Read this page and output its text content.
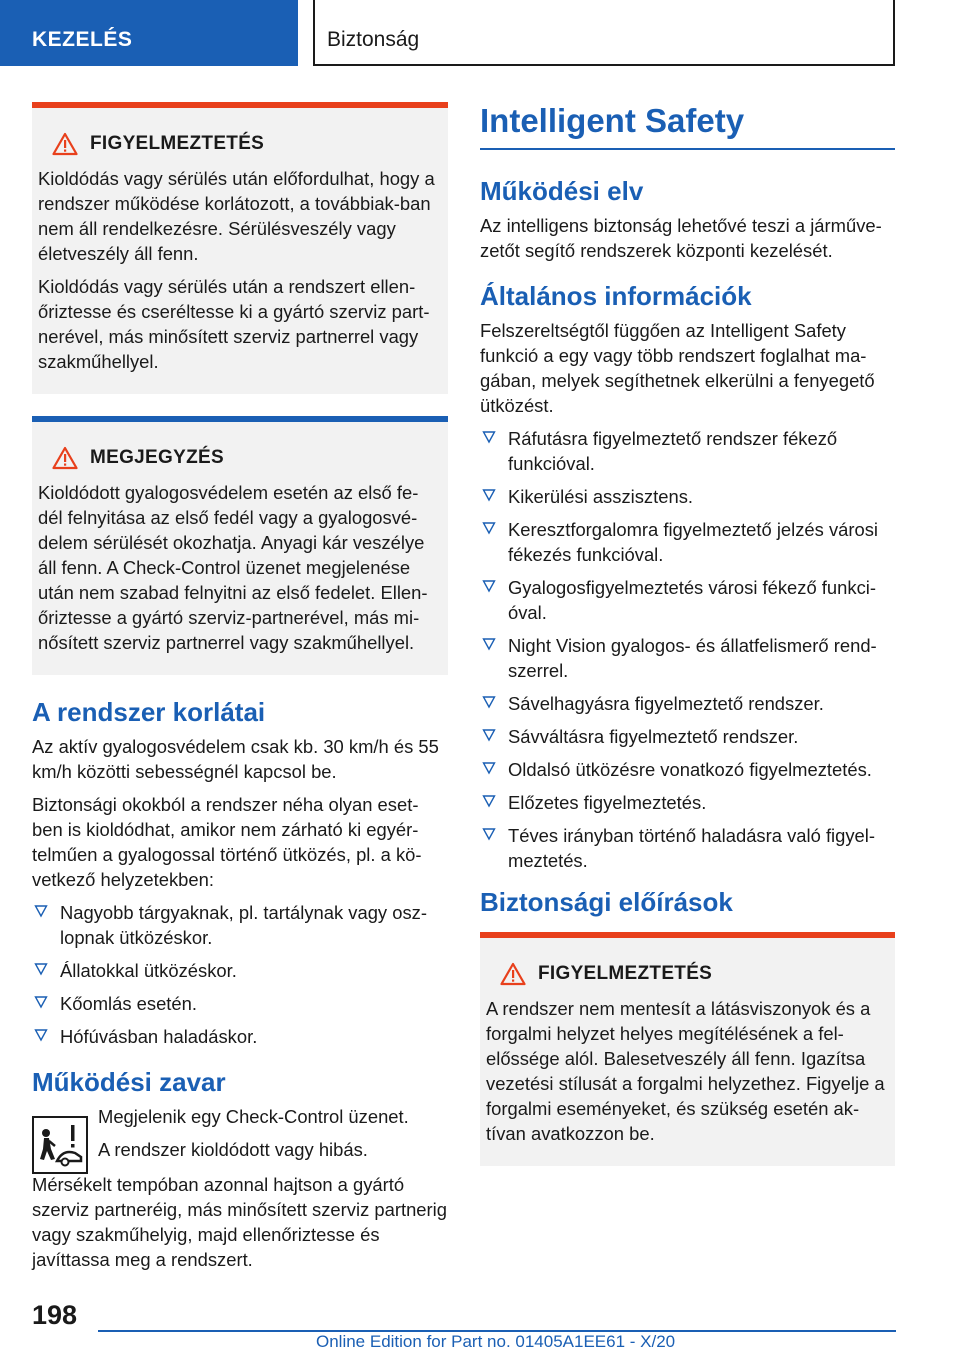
KEZELÉS	Biztonság
FIGYELMEZTETÉS

Kioldódás vagy sérülés után előfordulhat, hogy a rendszer működése korlátozott, a továbbiak-ban nem áll rendelkezésre. Sérülésveszély vagy életveszély áll fenn.

Kioldódás vagy sérülés után a rendszert ellen-őriztesse és cseréltesse ki a gyártó szerviz part-nerével, más minősített szerviz partnerrel vagy szakműhellyel.

MEGJEGYZÉS

Kioldódott gyalogosvédelem esetén az első fe-dél felnyitása az első fedél vagy a gyalogosvé-delem sérülését okozhatja. Anyagi kár veszélye áll fenn. A Check-Control üzenet megjelenése után nem szabad felnyitni az első fedelet. Ellen-őriztesse a gyártó szerviz-partnerével, más mi-nősített szerviz partnerrel vagy szakműhellyel.

A rendszer korlátai

Az aktív gyalogosvédelem csak kb. 30 km/h és 55 km/h közötti sebességnél kapcsol be.

Biztonsági okokból a rendszer néha olyan eset-ben is kioldódhat, amikor nem zárható ki egyér-telműen a gyalogossal történő ütközés, pl. a kö-vetkező helyzetekben:

Nagyobb tárgyaknak, pl. tartálynak vagy osz-lopnak ütközéskor.
Állatokkal ütközéskor.
Kőomlás esetén.
Hófúvásban haladáskor.
Működési zavar

Megjelenik egy Check-Control üzenet.

A rendszer kioldódott vagy hibás.

Mérsékelt tempóban azonnal hajtson a gyártó szerviz partneréig, más minősített szerviz partnerig vagy szakműhelyig, majd ellenőriztesse és javíttassa meg a rendszert.

Intelligent Safety
Működési elv

Az intelligens biztonság lehetővé teszi a járműve-zetőt segítő rendszerek központi kezelését.

Általános információk

Felszereltségtől függően az Intelligent Safety funkció a egy vagy több rendszert foglalhat ma-gában, melyek segíthetnek elkerülni a fenyegető ütközést.

Ráfutásra figyelmeztető rendszer fékező funkcióval.
Kikerülési asszisztens.
Keresztforgalomra figyelmeztető jelzés városi fékezés funkcióval.
Gyalogosfigyelmeztetés városi fékező funkci-óval.
Night Vision gyalogos- és állatfelismerő rend-szerrel.
Sávelhagyásra figyelmeztető rendszer.
Sávváltásra figyelmeztető rendszer.
Oldalsó ütközésre vonatkozó figyelmeztetés.
Előzetes figyelmeztetés.
Téves irányban történő haladásra való figyel-meztetés.
Biztonsági előírások
FIGYELMEZTETÉS

A rendszer nem mentesít a látásviszonyok és a forgalmi helyzet helyes megítélésének a fel-előssége alól. Balesetveszély áll fenn. Igazítsa vezetési stílusát a forgalmi helyzethez. Figyelje a forgalmi eseményeket, és szükség esetén ak-tívan avatkozzon be.

198
Online Edition for Part no. 01405A1EE61 - X/20
